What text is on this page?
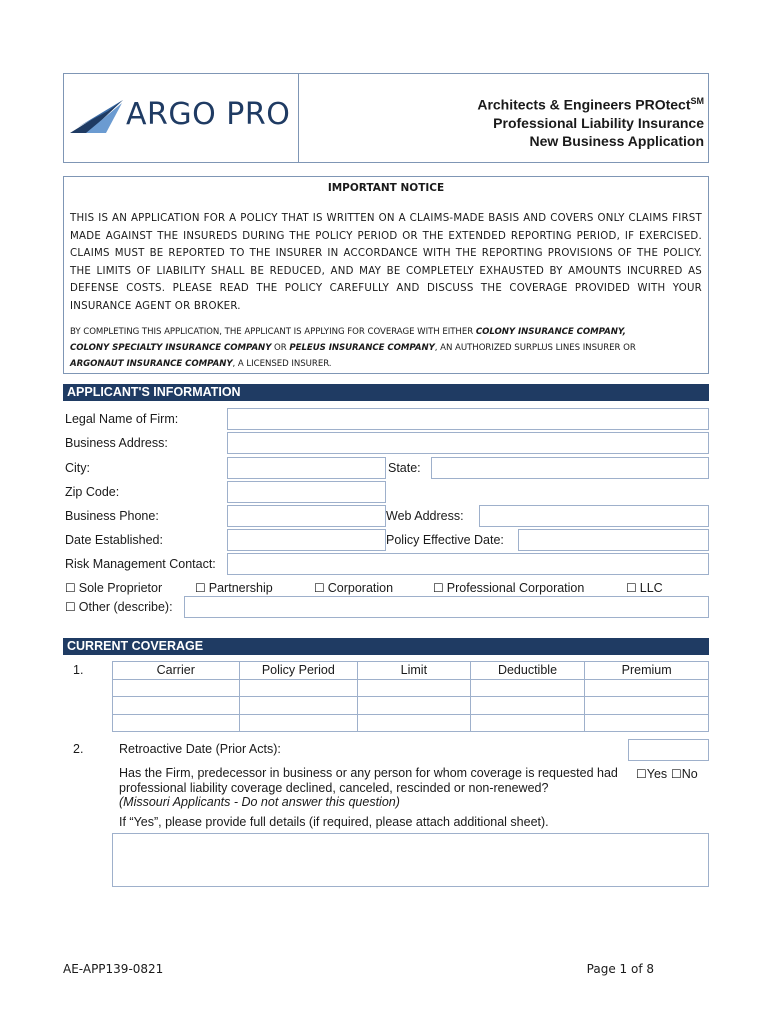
ARGO PRO	Architects & Engineers PROtect℠
Professional Liability Insurance
New Business Application
IMPORTANT NOTICE
THIS IS AN APPLICATION FOR A POLICY THAT IS WRITTEN ON A CLAIMS-MADE BASIS AND COVERS ONLY CLAIMS FIRST MADE AGAINST THE INSUREDS DURING THE POLICY PERIOD OR THE EXTENDED REPORTING PERIOD, IF EXERCISED. CLAIMS MUST BE REPORTED TO THE INSURER IN ACCORDANCE WITH THE REPORTING PROVISIONS OF THE POLICY. THE LIMITS OF LIABILITY SHALL BE REDUCED, AND MAY BE COMPLETELY EXHAUSTED BY AMOUNTS INCURRED AS DEFENSE COSTS. PLEASE READ THE POLICY CAREFULLY AND DISCUSS THE COVERAGE PROVIDED WITH YOUR INSURANCE AGENT OR BROKER.
BY COMPLETING THIS APPLICATION, THE APPLICANT IS APPLYING FOR COVERAGE WITH EITHER COLONY INSURANCE COMPANY,
COLONY SPECIALTY INSURANCE COMPANY OR PELEUS INSURANCE COMPANY, AN AUTHORIZED SURPLUS LINES INSURER OR
ARGONAUT INSURANCE COMPANY, A LICENSED INSURER.
APPLICANT'S INFORMATION
Legal Name of Firm:
Business Address:
City:	State:
Zip Code:
Business Phone:	Web Address:
Date Established:	Policy Effective Date:
Risk Management Contact:
☐ Sole Proprietor	☐ Partnership	☐ Corporation	☐ Professional Corporation	☐ LLC
☐ Other (describe):
CURRENT COVERAGE
1.	Carrier	Policy Period	Limit	Deductible	Premium

2.	Retroactive Date (Prior Acts):
Has the Firm, predecessor in business or any person for whom coverage is requested had
professional liability coverage declined, canceled, rescinded or non-renewed?
(Missouri Applicants - Do not answer this question)
☐Yes ☐No
If “Yes”, please provide full details (if required, please attach additional sheet).
AE-APP139-0821	Page 1 of 8
